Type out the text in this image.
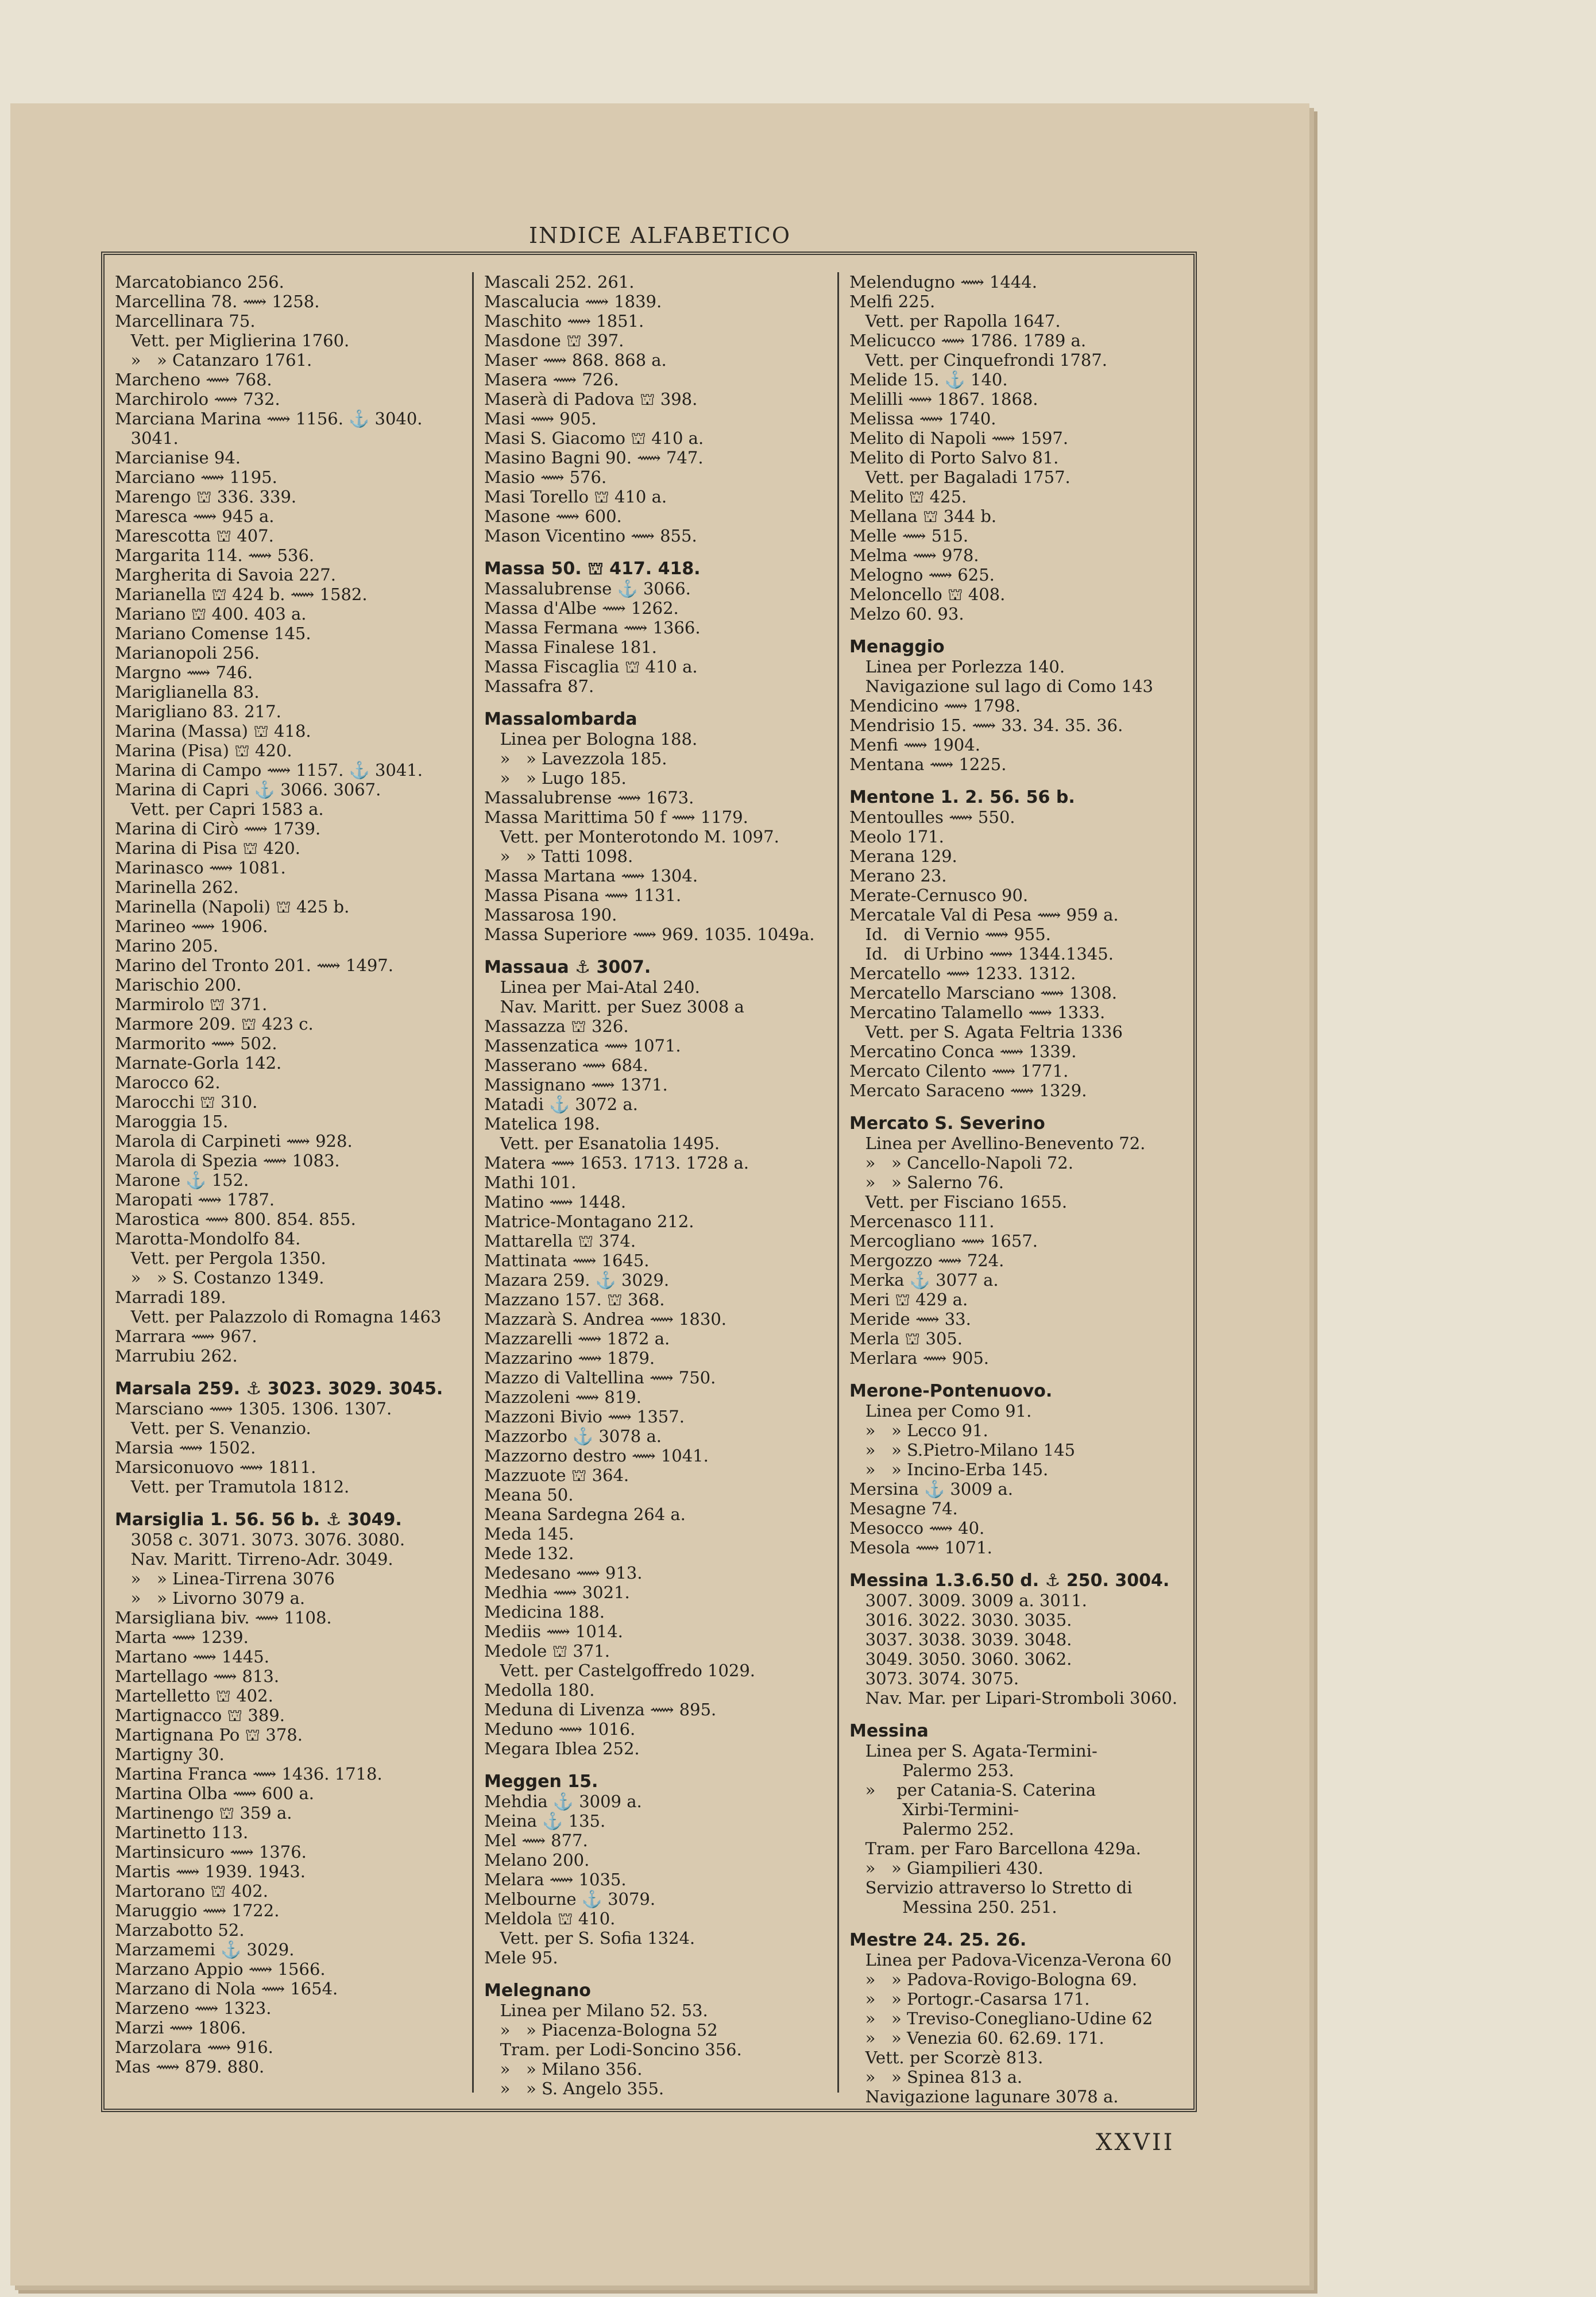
INDICE ALFABETICO
Marcatobianco 256.
Marcellina 78. ⟿ 1258.
Marcellinara 75.
Vett. per Miglierina 1760.
»   » Catanzaro 1761.
Marcheno ⟿ 768.
Marchirolo ⟿ 732.
Marciana Marina ⟿ 1156. ⚓ 3040.
3041.
Marcianise 94.
Marciano ⟿ 1195.
Marengo ⛫ 336. 339.
Maresca ⟿ 945 a.
Marescotta ⛫ 407.
Margarita 114. ⟿ 536.
Margherita di Savoia 227.
Marianella ⛫ 424 b. ⟿ 1582.
Mariano ⛫ 400. 403 a.
Mariano Comense 145.
Marianopoli 256.
Margno ⟿ 746.
Mariglianella 83.
Marigliano 83. 217.
Marina (Massa) ⛫ 418.
Marina (Pisa) ⛫ 420.
Marina di Campo ⟿ 1157. ⚓ 3041.
Marina di Capri ⚓ 3066. 3067.
Vett. per Capri 1583 a.
Marina di Cirò ⟿ 1739.
Marina di Pisa ⛫ 420.
Marinasco ⟿ 1081.
Marinella 262.
Marinella (Napoli) ⛫ 425 b.
Marineo ⟿ 1906.
Marino 205.
Marino del Tronto 201. ⟿ 1497.
Marischio 200.
Marmirolo ⛫ 371.
Marmore 209. ⛫ 423 c.
Marmorito ⟿ 502.
Marnate-Gorla 142.
Marocco 62.
Marocchi ⛫ 310.
Maroggia 15.
Marola di Carpineti ⟿ 928.
Marola di Spezia ⟿ 1083.
Marone ⚓ 152.
Maropati ⟿ 1787.
Marostica ⟿ 800. 854. 855.
Marotta-Mondolfo 84.
Vett. per Pergola 1350.
»   » S. Costanzo 1349.
Marradi 189.
Vett. per Palazzolo di Romagna 1463
Marrara ⟿ 967.
Marrubiu 262.
Marsala 259. ⚓ 3023. 3029. 3045.
Marsciano ⟿ 1305. 1306. 1307.
Vett. per S. Venanzio.
Marsia ⟿ 1502.
Marsiconuovo ⟿ 1811.
Vett. per Tramutola 1812.
Marsiglia 1. 56. 56 b. ⚓ 3049.
3058 c. 3071. 3073. 3076. 3080.
Nav. Maritt. Tirreno-Adr. 3049.
»   » Linea-Tirrena 3076
»   » Livorno 3079 a.
Marsigliana biv. ⟿ 1108.
Marta ⟿ 1239.
Martano ⟿ 1445.
Martellago ⟿ 813.
Martelletto ⛫ 402.
Martignacco ⛫ 389.
Martignana Po ⛫ 378.
Martigny 30.
Martina Franca ⟿ 1436. 1718.
Martina Olba ⟿ 600 a.
Martinengo ⛫ 359 a.
Martinetto 113.
Martinsicuro ⟿ 1376.
Martis ⟿ 1939. 1943.
Martorano ⛫ 402.
Maruggio ⟿ 1722.
Marzabotto 52.
Marzamemi ⚓ 3029.
Marzano Appio ⟿ 1566.
Marzano di Nola ⟿ 1654.
Marzeno ⟿ 1323.
Marzi ⟿ 1806.
Marzolara ⟿ 916.
Mas ⟿ 879. 880.
Mascali 252. 261.
Mascalucia ⟿ 1839.
Maschito ⟿ 1851.
Masdone ⛫ 397.
Maser ⟿ 868. 868 a.
Masera ⟿ 726.
Maserà di Padova ⛫ 398.
Masi ⟿ 905.
Masi S. Giacomo ⛫ 410 a.
Masino Bagni 90. ⟿ 747.
Masio ⟿ 576.
Masi Torello ⛫ 410 a.
Masone ⟿ 600.
Mason Vicentino ⟿ 855.
Massa 50. ⛫ 417. 418.
Massalubrense ⚓ 3066.
Massa d'Albe ⟿ 1262.
Massa Fermana ⟿ 1366.
Massa Finalese 181.
Massa Fiscaglia ⛫ 410 a.
Massafra 87.
Massalombarda
Linea per Bologna 188.
»   » Lavezzola 185.
»   » Lugo 185.
Massalubrense ⟿ 1673.
Massa Marittima 50 f ⟿ 1179.
Vett. per Monterotondo M. 1097.
»   » Tatti 1098.
Massa Martana ⟿ 1304.
Massa Pisana ⟿ 1131.
Massarosa 190.
Massa Superiore ⟿ 969. 1035. 1049a.
Massaua ⚓ 3007.
Linea per Mai-Atal 240.
Nav. Maritt. per Suez 3008 a
Massazza ⛫ 326.
Massenzatica ⟿ 1071.
Masserano ⟿ 684.
Massignano ⟿ 1371.
Matadi ⚓ 3072 a.
Matelica 198.
Vett. per Esanatolia 1495.
Matera ⟿ 1653. 1713. 1728 a.
Mathi 101.
Matino ⟿ 1448.
Matrice-Montagano 212.
Mattarella ⛫ 374.
Mattinata ⟿ 1645.
Mazara 259. ⚓ 3029.
Mazzano 157. ⛫ 368.
Mazzarà S. Andrea ⟿ 1830.
Mazzarelli ⟿ 1872 a.
Mazzarino ⟿ 1879.
Mazzo di Valtellina ⟿ 750.
Mazzoleni ⟿ 819.
Mazzoni Bivio ⟿ 1357.
Mazzorbo ⚓ 3078 a.
Mazzorno destro ⟿ 1041.
Mazzuote ⛫ 364.
Meana 50.
Meana Sardegna 264 a.
Meda 145.
Mede 132.
Medesano ⟿ 913.
Medhia ⟿ 3021.
Medicina 188.
Mediis ⟿ 1014.
Medole ⛫ 371.
Vett. per Castelgoffredo 1029.
Medolla 180.
Meduna di Livenza ⟿ 895.
Meduno ⟿ 1016.
Megara Iblea 252.
Meggen 15.
Mehdia ⚓ 3009 a.
Meina ⚓ 135.
Mel ⟿ 877.
Melano 200.
Melara ⟿ 1035.
Melbourne ⚓ 3079.
Meldola ⛫ 410.
Vett. per S. Sofia 1324.
Mele 95.
Melegnano
Linea per Milano 52. 53.
»   » Piacenza-Bologna 52
Tram. per Lodi-Soncino 356.
»   » Milano 356.
»   » S. Angelo 355.
Melendugno ⟿ 1444.
Melfi 225.
Vett. per Rapolla 1647.
Melicucco ⟿ 1786. 1789 a.
Vett. per Cinquefrondi 1787.
Melide 15. ⚓ 140.
Melilli ⟿ 1867. 1868.
Melissa ⟿ 1740.
Melito di Napoli ⟿ 1597.
Melito di Porto Salvo 81.
Vett. per Bagaladi 1757.
Melito ⛫ 425.
Mellana ⛫ 344 b.
Melle ⟿ 515.
Melma ⟿ 978.
Melogno ⟿ 625.
Meloncello ⛫ 408.
Melzo 60. 93.
Menaggio
Linea per Porlezza 140.
Navigazione sul lago di Como 143
Mendicino ⟿ 1798.
Mendrisio 15. ⟿ 33. 34. 35. 36.
Menfi ⟿ 1904.
Mentana ⟿ 1225.
Mentone 1. 2. 56. 56 b.
Mentoulles ⟿ 550.
Meolo 171.
Merana 129.
Merano 23.
Merate-Cernusco 90.
Mercatale Val di Pesa ⟿ 959 a.
Id.   di Vernio ⟿ 955.
Id.   di Urbino ⟿ 1344.1345.
Mercatello ⟿ 1233. 1312.
Mercatello Marsciano ⟿ 1308.
Mercatino Talamello ⟿ 1333.
Vett. per S. Agata Feltria 1336
Mercatino Conca ⟿ 1339.
Mercato Cilento ⟿ 1771.
Mercato Saraceno ⟿ 1329.
Mercato S. Severino
Linea per Avellino-Benevento 72.
»   » Cancello-Napoli 72.
»   » Salerno 76.
Vett. per Fisciano 1655.
Mercenasco 111.
Mercogliano ⟿ 1657.
Mergozzo ⟿ 724.
Merka ⚓ 3077 a.
Meri ⛫ 429 a.
Meride ⟿ 33.
Merla ⛫ 305.
Merlara ⟿ 905.
Merone-Pontenuovo.
Linea per Como 91.
»   » Lecco 91.
»   » S.Pietro-Milano 145
»   » Incino-Erba 145.
Mersina ⚓ 3009 a.
Mesagne 74.
Mesocco ⟿ 40.
Mesola ⟿ 1071.
Messina 1.3.6.50 d. ⚓ 250. 3004.
3007. 3009. 3009 a. 3011.
3016. 3022. 3030. 3035.
3037. 3038. 3039. 3048.
3049. 3050. 3060. 3062.
3073. 3074. 3075.
Nav. Mar. per Lipari-Stromboli 3060.
Messina
Linea per S. Agata-Termini-
Palermo 253.
»    per Catania-S. Caterina
Xirbi-Termini-
Palermo 252.
Tram. per Faro Barcellona 429a.
»   » Giampilieri 430.
Servizio attraverso lo Stretto di
Messina 250. 251.
Mestre 24. 25. 26.
Linea per Padova-Vicenza-Verona 60
»   » Padova-Rovigo-Bologna 69.
»   » Portogr.-Casarsa 171.
»   » Treviso-Conegliano-Udine 62
»   » Venezia 60. 62.69. 171.
Vett. per Scorzè 813.
»   » Spinea 813 a.
Navigazione lagunare 3078 a.
XXVII
